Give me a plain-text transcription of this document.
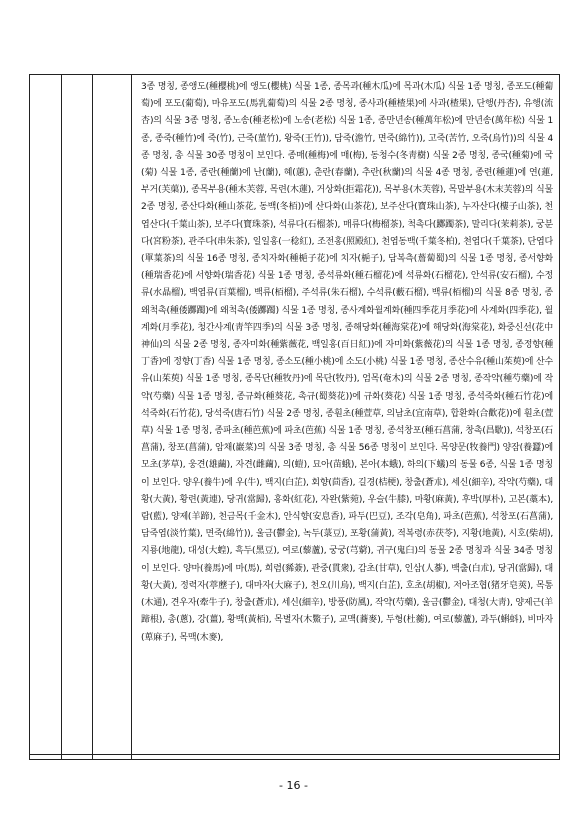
3종 명칭, 종앵도(種櫻桃)에 앵도(櫻桃) 식물 1종, 종목과(種木瓜)에 목과(木瓜) 식물 1종 명칭, 종포도(種葡萄)에 포도(葡萄), 마유포도(馬乳葡萄)의 식물 2종 명칭, 종사과(種楂果)에 사과(楂果), 단행(丹杏), 유행(流杏)의 식물 3종 명칭, 종노송(種老松)에 노송(老松) 식물 1종, 종만년송(種萬年松)에 만년송(萬年松) 식물 1종, 종죽(種竹)에 죽(竹), 근죽(菫竹), 왕죽(王竹)), 담죽(澹竹, 면죽(綿竹)), 고죽(苦竹, 오죽(烏竹))의 식물 4종 명칭, 총 식물 30종 명칭이 보인다. 종매(種梅)에 매(梅), 동청수(冬靑樹) 식물 2종 명칭, 종국(種菊)에 국(菊) 식물 1종, 종란(種蘭)에 난(蘭), 혜(蕙), 춘란(春蘭), 추란(秋蘭)의 식물 4종 명칭, 종련(種蓮)에 연(蓮, 부거(芙蕖)), 종목부용(種木芙蓉, 목련(木蓮), 거상화(拒霜花)), 목부용(木芙蓉), 목말부용(木末芙蓉)의 식물 2종 명칭, 종산다화(種山茶花, 동백(冬栢))에 산다화(山茶花), 보주산다(寶珠山茶), 누자산다(樓子山茶), 천엽산다(千葉山茶), 보주다(寶珠茶), 석류다(石榴茶), 매류다(梅榴茶), 척촉다(躑躅茶), 말리다(茉莉茶), 궁분다(宮粉茶), 관주다(串朱茶), 일일홍(一稔紅), 조전홍(照殿紅), 천엽동백(千葉冬柏), 천엽다(千葉茶), 단엽다(單葉茶)의 식물 16종 명칭, 종치자화(種梔子花)에 치자(梔子), 담복측(薝蔔蜀)의 식물 1종 명칭, 종서향화(種瑞香花)에 서향화(瑞香花) 식물 1종 명칭, 종석류화(種石榴花)에 석류화(石榴花), 안석류(安石榴), 수정류(水晶榴), 백엽류(百葉榴), 백류(栢榴), 주석류(朱石榴), 수석류(藪石榴), 백류(栢榴)의 식물 8종 명칭, 종왜척촉(種倭躑躅)에 왜척촉(倭躑躅) 식물 1종 명칭, 종사계화월계화(種四季花月季花)에 사계화(四季花), 월계화(月季花), 청간사계(靑竿四季)의 식물 3종 명칭, 종해당화(種海棠花)에 해당화(海棠花), 화중신선(花中神仙)의 식물 2종 명칭, 종자미화(種紫薇花, 백일홍(百日紅))에 자미화(紫薇花)의 식물 1종 명칭, 종정향(種丁香)에 정향(丁香) 식물 1종 명칭, 종소도(種小桃)에 소도(小桃) 식물 1종 명칭, 종산수유(種山茱萸)에 산수유(山茱萸) 식물 1종 명칭, 종목단(種牧丹)에 목단(牧丹), 엄목(奄木)의 식물 2종 명칭, 종작약(種芍藥)에 작약(芍藥) 식물 1종 명칭, 종규화(種葵花, 촉규(蜀葵花))에 규화(葵花) 식물 1종 명칭, 종석죽화(種石竹花)에 석죽화(石竹花), 당석죽(唐石竹) 식물 2종 명칭, 종훤초(種萱草, 의남초(宜南草), 합환화(合歡花))에 훤초(萱草) 식물 1종 명칭, 종파초(種芭蕉)에 파초(芭蕉) 식물 1종 명칭, 종석창포(種石菖蒲, 창촉(昌歜)), 석창포(石菖蒲), 창포(菖蒲), 암채(巖菜)의 식물 3종 명칭, 총 식물 56종 명칭이 보인다. 목양문(牧養門) 양잠(養蠶)에 모초(茅草), 웅견(雄繭), 자견(雌繭), 의(螘), 묘아(苗蛾), 본아(本蛾), 하의(下蟻)의 동물 6종, 식물 1종 명칭이 보인다. 양우(養牛)에 우(牛), 백지(白芷), 회향(茴香), 길경(桔梗), 창출(蒼朮), 세신(細辛), 작약(芍藥), 대황(大黃), 황련(黃連), 당귀(當歸), 홍화(紅花), 자완(紫菀), 우슬(牛膝), 마황(麻黃), 후박(厚朴), 고본(藁本), 람(藍), 양제(羊蹄), 천금목(千金木), 안식향(安息香), 파두(巴豆), 조각(皂角), 파초(芭蕉), 석창포(石菖蒲), 담죽엽(淡竹葉), 면죽(綿竹)), 울금(鬱金), 녹두(菉豆), 포황(蒲黃), 적복령(赤茯苓), 지황(地黃), 시호(柴胡), 지룡(地龍), 대성(大蝗), 흑두(黑豆), 여로(藜蘆), 궁궁(芎藭), 귀구(鬼臼)의 동물 2종 명칭과 식물 34종 명칭이 보인다. 양마(養馬)에 마(馬), 희렴(豨薟), 관중(貫衆), 감초(甘草), 인삼(人蔘), 백출(白朮), 당귀(當歸), 대황(大黃), 정력자(葶藶子), 대마자(大麻子), 천오(川烏), 백지(白芷), 호초(胡椒), 저아조협(猪牙皂莢), 목통(木通), 견우자(牽牛子), 창출(蒼朮), 세신(細辛), 방풍(防風), 작약(芍藥), 울금(鬱金), 대청(大靑), 양제근(羊蹄根), 총(蔥), 강(薑), 황백(黃栢), 목별자(木鱉子), 교맥(蕎麥), 두형(杜蘅), 여로(藜蘆), 과두(蝌蚪), 비마자(萆麻子), 목맥(木麥),
- 16 -
